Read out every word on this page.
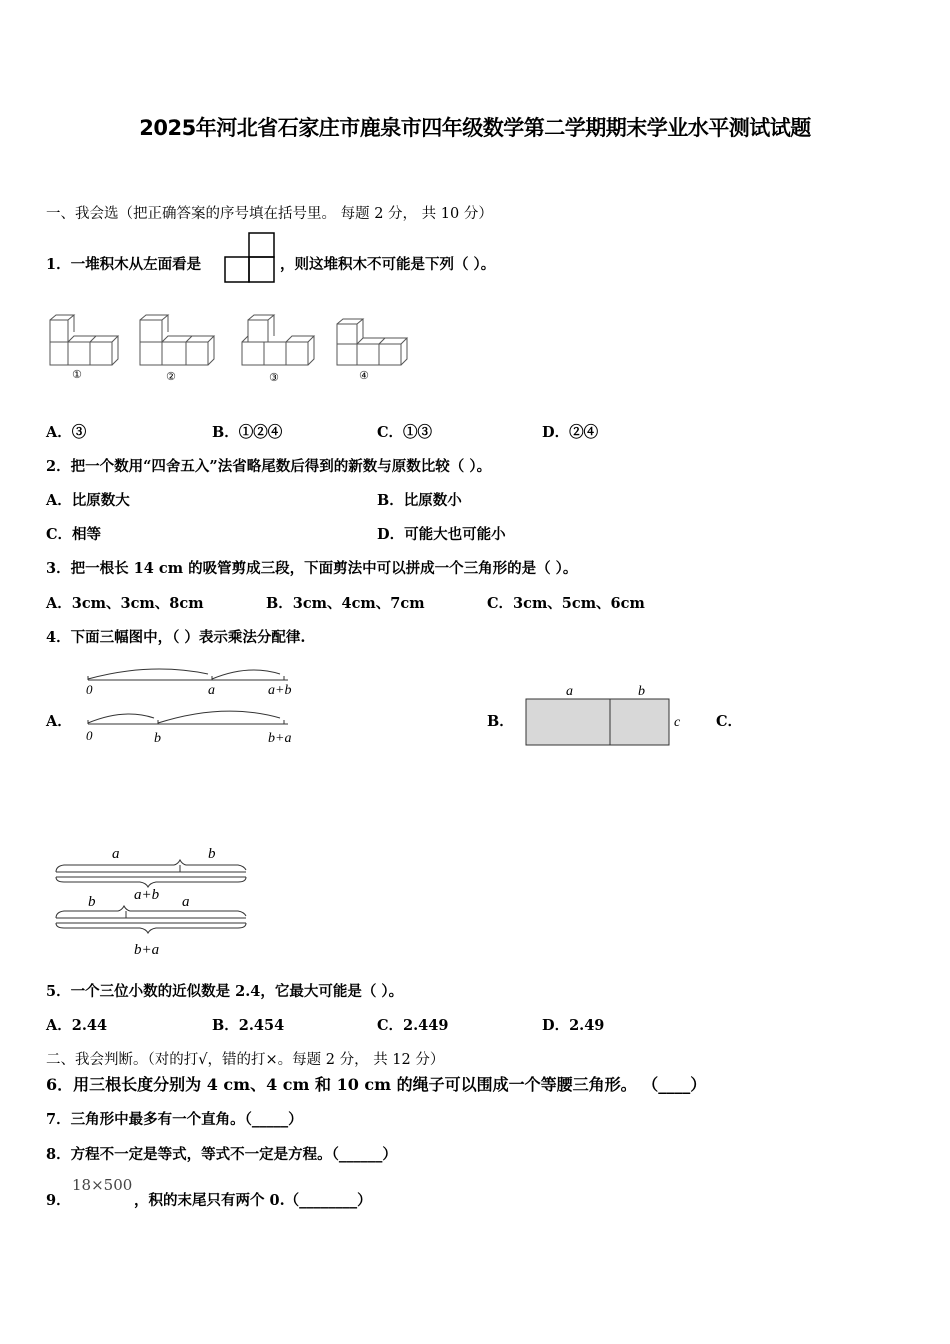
2025年河北省石家庄市鹿泉市四年级数学第二学期期末学业水平测试试题
一、我会选（把正确答案的序号填在括号里。 每题 2 分， 共 10 分）
1．一堆积木从左面看是	，则这堆积木不可能是下列（ ）。
①	②	③	④
A．③	B．①②④	C．①③	D．②④
2．把一个数用“四舍五入”法省略尾数后得到的新数与原数比较（ ）。
A．比原数大	B．比原数小
C．相等	D．可能大也可能小
3．把一根长 14 cm 的吸管剪成三段，下面剪法中可以拼成一个三角形的是（ ）。
A．3cm、3cm、8cm	B．3cm、4cm、7cm	C．3cm、5cm、6cm
4．下面三幅图中，（ ）表示乘法分配律.
A．
0	a	a+b
0	b	b+a
B．
a	b
c C．
a	b
a+b
b	a
b+a
5．一个三位小数的近似数是 2.4，它最大可能是（ ）。
A．2.44	B．2.454	C．2.449	D．2.49
二、我会判断。（对的打√，错的打×。每题 2 分， 共 12 分）
6．用三根长度分别为 4 cm、4 cm 和 10 cm 的绳子可以围成一个等腰三角形。 （____）
7．三角形中最多有一个直角。（_____）
8．方程不一定是等式，等式不一定是方程。（______）
9．
18×500
，积的末尾只有两个 0.（________）
